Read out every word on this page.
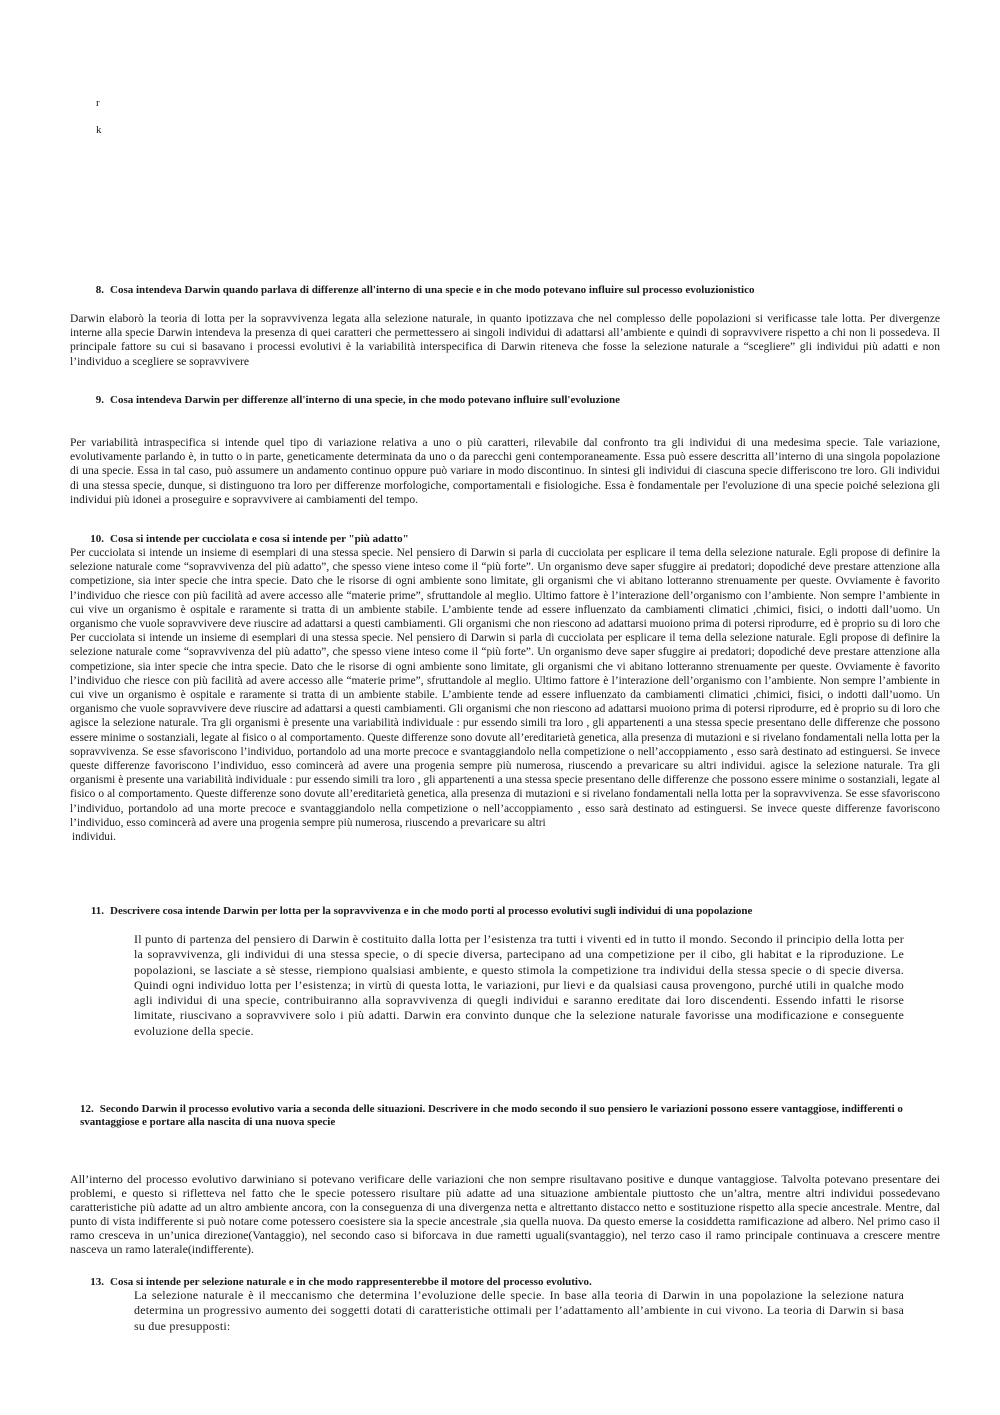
r
k
8. Cosa intendeva Darwin quando parlava di differenze all'interno di una specie e in che modo potevano influire sul processo evoluzionistico

Darwin elaborò la teoria di lotta per la sopravvivenza legata alla selezione naturale, in quanto ipotizzava che nel complesso delle popolazioni si verificasse tale lotta. Per divergenze interne alla specie Darwin intendeva la presenza di quei caratteri che permettessero ai singoli individui di adattarsi all’ambiente e quindi di sopravvivere rispetto a chi non li possedeva. Il principale fattore su cui si basavano i processi evolutivi è la variabilità interspecifica di Darwin riteneva che fosse la selezione naturale a “scegliere” gli individui più adatti e non l’individuo a scegliere se sopravvivere

9. Cosa intendeva Darwin per differenze all'interno di una specie, in che modo potevano influire sull'evoluzione

Per variabilità intraspecifica si intende quel tipo di variazione relativa a uno o più caratteri, rilevabile dal confronto tra gli individui di una medesima specie. Tale variazione, evolutivamente parlando è, in tutto o in parte, geneticamente determinata da uno o da parecchi geni contemporaneamente. Essa può essere descritta all’interno di una singola popolazione di una specie. Essa in tal caso, può assumere un andamento continuo oppure può variare in modo discontinuo. In sintesi gli individui di ciascuna specie differiscono tre loro. Gli individui di una stessa specie, dunque, si distinguono tra loro per differenze morfologiche, comportamentali e fisiologiche. Essa è fondamentale per l'evoluzione di una specie poiché seleziona gli individui più idonei a proseguire e sopravvivere ai cambiamenti del tempo.

10. Cosa si intende per cucciolata e cosa si intende per "più adatto"

Per cucciolata si intende un insieme di esemplari di una stessa specie. Nel pensiero di Darwin si parla di cucciolata per esplicare il tema della selezione naturale. Egli propose di definire la selezione naturale come “sopravvivenza del più adatto”, che spesso viene inteso come il “più forte”. Un organismo deve saper sfuggire ai predatori; dopodiché deve prestare attenzione alla competizione, sia inter specie che intra specie. Dato che le risorse di ogni ambiente sono limitate, gli organismi che vi abitano lotteranno strenuamente per queste. Ovviamente è favorito l’individuo che riesce con più facilità ad avere accesso alle “materie prime”, sfruttandole al meglio. Ultimo fattore è l’interazione dell’organismo con l’ambiente. Non sempre l’ambiente in cui vive un organismo è ospitale e raramente si tratta di un ambiente stabile. L’ambiente tende ad essere influenzato da cambiamenti climatici ,chimici, fisici, o indotti dall’uomo. Un organismo che vuole sopravvivere deve riuscire ad adattarsi a questi cambiamenti. Gli organismi che non riescono ad adattarsi muoiono prima di potersi riprodurre, ed è proprio su di loro che Per cucciolata si intende un insieme di esemplari di una stessa specie. Nel pensiero di Darwin si parla di cucciolata per esplicare il tema della selezione naturale. Egli propose di definire la selezione naturale come “sopravvivenza del più adatto”, che spesso viene inteso come il “più forte”. Un organismo deve saper sfuggire ai predatori; dopodiché deve prestare attenzione alla competizione, sia inter specie che intra specie. Dato che le risorse di ogni ambiente sono limitate, gli organismi che vi abitano lotteranno strenuamente per queste. Ovviamente è favorito l’individuo che riesce con più facilità ad avere accesso alle “materie prime”, sfruttandole al meglio. Ultimo fattore è l’interazione dell’organismo con l’ambiente. Non sempre l’ambiente in cui vive un organismo è ospitale e raramente si tratta di un ambiente stabile. L’ambiente tende ad essere influenzato da cambiamenti climatici ,chimici, fisici, o indotti dall’uomo. Un organismo che vuole sopravvivere deve riuscire ad adattarsi a questi cambiamenti. Gli organismi che non riescono ad adattarsi muoiono prima di potersi riprodurre, ed è proprio su di loro che agisce la selezione naturale. Tra gli organismi è presente una variabilità individuale : pur essendo simili tra loro , gli appartenenti a una stessa specie presentano delle differenze che possono essere minime o sostanziali, legate al fisico o al comportamento. Queste differenze sono dovute all’ereditarietà genetica, alla presenza di mutazioni e si rivelano fondamentali nella lotta per la sopravvivenza. Se esse sfavoriscono l’individuo, portandolo ad una morte precoce e svantaggiandolo nella competizione o nell’accoppiamento , esso sarà destinato ad estinguersi. Se invece queste differenze favoriscono l’individuo, esso comincerà ad avere una progenia sempre più numerosa, riuscendo a prevaricare su altri individui. agisce la selezione naturale. Tra gli organismi è presente una variabilità individuale : pur essendo simili tra loro , gli appartenenti a una stessa specie presentano delle differenze che possono essere minime o sostanziali, legate al fisico o al comportamento. Queste differenze sono dovute all’ereditarietà genetica, alla presenza di mutazioni e si rivelano fondamentali nella lotta per la sopravvivenza. Se esse sfavoriscono l’individuo, portandolo ad una morte precoce e svantaggiandolo nella competizione o nell’accoppiamento , esso sarà destinato ad estinguersi. Se invece queste differenze favoriscono l’individuo, esso comincerà ad avere una progenia sempre più numerosa, riuscendo a prevaricare su altri

individui.

11. Descrivere cosa intende Darwin per lotta per la sopravvivenza e in che modo porti al processo evolutivi sugli individui di una popolazione

Il punto di partenza del pensiero di Darwin è costituito dalla lotta per l’esistenza tra tutti i viventi ed in tutto il mondo. Secondo il principio della lotta per la sopravvivenza, gli individui di una stessa specie, o di specie diversa, partecipano ad una competizione per il cibo, gli habitat e la riproduzione. Le popolazioni, se lasciate a sè stesse, riempiono qualsiasi ambiente, e questo stimola la competizione tra individui della stessa specie o di specie diversa. Quindi ogni individuo lotta per l’esistenza; in virtù di questa lotta, le variazioni, pur lievi e da qualsiasi causa provengono, purché utili in qualche modo agli individui di una specie, contribuiranno alla sopravvivenza di quegli individui e saranno ereditate dai loro discendenti. Essendo infatti le risorse limitate, riuscivano a sopravvivere solo i più adatti. Darwin era convinto dunque che la selezione naturale favorisse una modificazione e conseguente evoluzione della specie.

12. Secondo Darwin il processo evolutivo varia a seconda delle situazioni. Descrivere in che modo secondo il suo pensiero le variazioni possono essere vantaggiose, indifferenti o svantaggiose e portare alla nascita di una nuova specie

All’interno del processo evolutivo darwiniano si potevano verificare delle variazioni che non sempre risultavano positive e dunque vantaggiose. Talvolta potevano presentare dei problemi, e questo si rifletteva nel fatto che le specie potessero risultare più adatte ad una situazione ambientale piuttosto che un’altra, mentre altri individui possedevano caratteristiche più adatte ad un altro ambiente ancora, con la conseguenza di una divergenza netta e altrettanto distacco netto e sostituzione rispetto alla specie ancestrale. Mentre, dal punto di vista indifferente si può notare come potessero coesistere sia la specie ancestrale ,sia quella nuova. Da questo emerse la cosiddetta ramificazione ad albero. Nel primo caso il ramo cresceva in un’unica direzione(Vantaggio), nel secondo caso si biforcava in due rametti uguali(svantaggio), nel terzo caso il ramo principale continuava a crescere mentre nasceva un ramo laterale(indifferente).

13. Cosa si intende per selezione naturale e in che modo rappresenterebbe il motore del processo evolutivo.

La selezione naturale è il meccanismo che determina l’evoluzione delle specie. In base alla teoria di Darwin in una popolazione la selezione natura determina un progressivo aumento dei soggetti dotati di caratteristiche ottimali per l’adattamento all’ambiente in cui vivono. La teoria di Darwin si basa su due presupposti:
